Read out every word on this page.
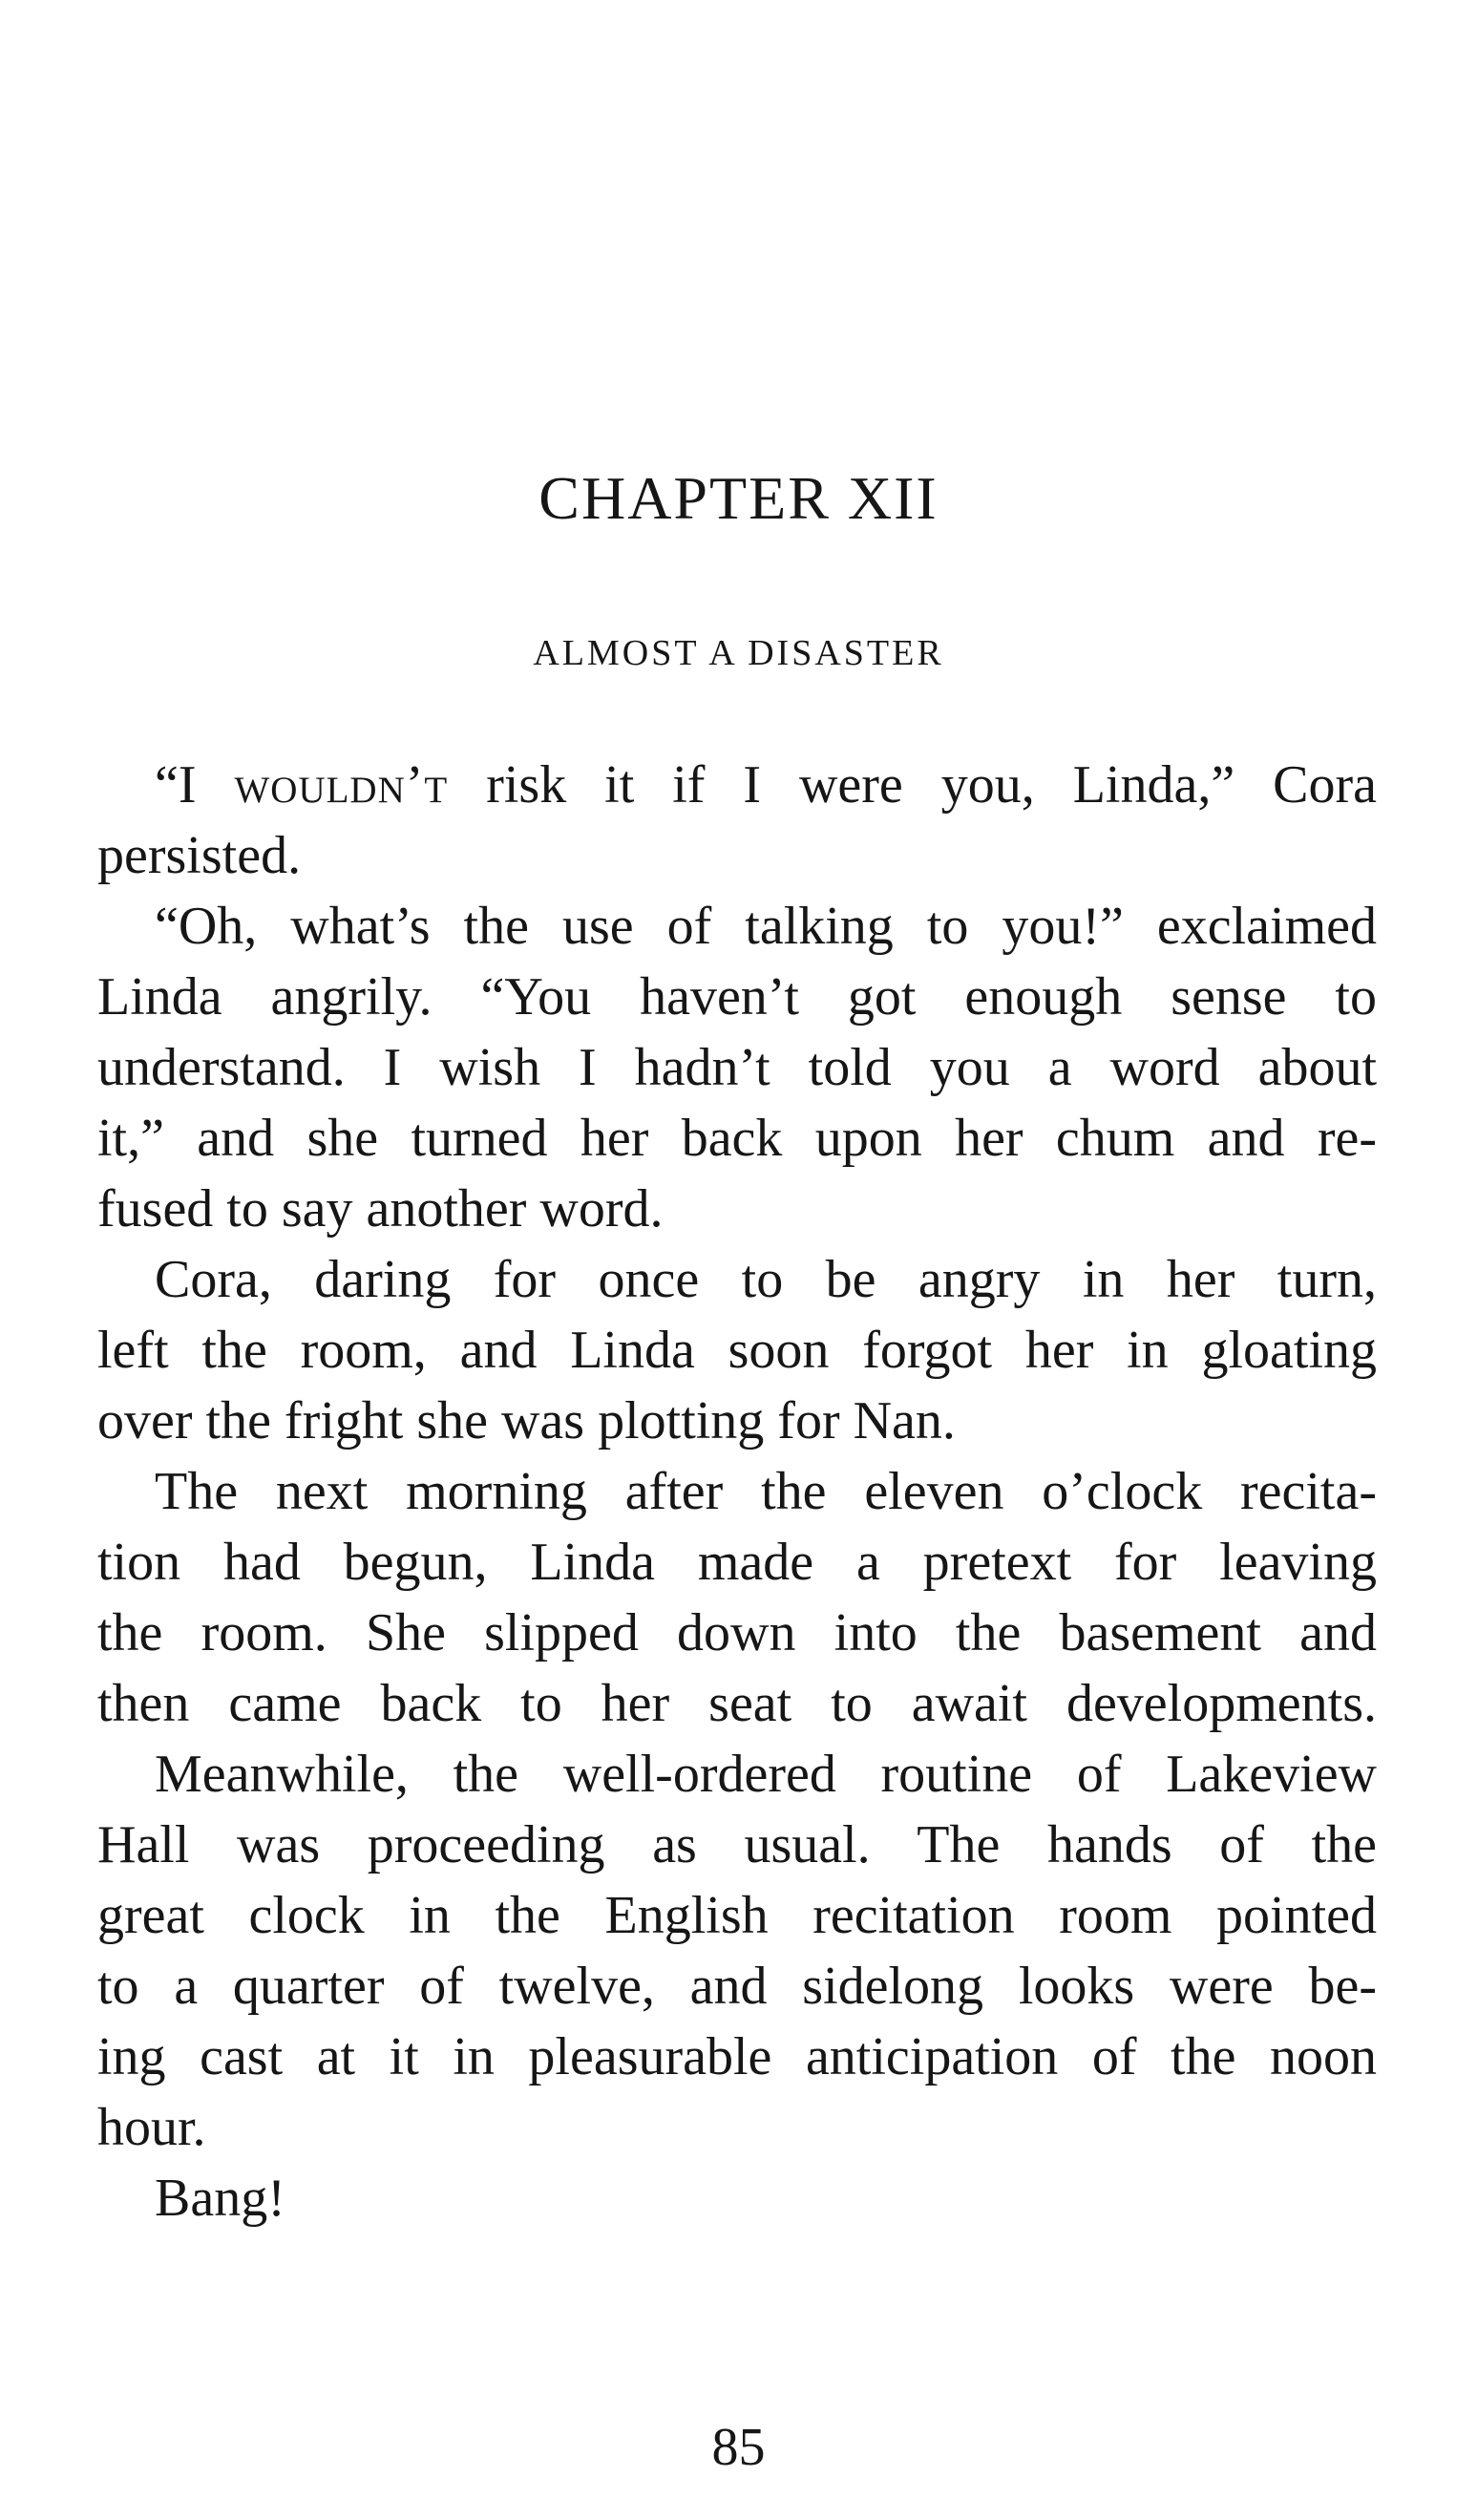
CHAPTER XII
ALMOST A DISASTER
“I wouldn’t risk it if I were you, Linda,” Cora
persisted.
“Oh, what’s the use of talking to you!” exclaimed
Linda angrily. “You haven’t got enough sense to
understand. I wish I hadn’t told you a word about
it,” and she turned her back upon her chum and re-
fused to say another word.
Cora, daring for once to be angry in her turn,
left the room, and Linda soon forgot her in gloating
over the fright she was plotting for Nan.
The next morning after the eleven o’clock recita-
tion had begun, Linda made a pretext for leaving
the room. She slipped down into the basement and
then came back to her seat to await developments.
Meanwhile, the well-ordered routine of Lakeview
Hall was proceeding as usual. The hands of the
great clock in the English recitation room pointed
to a quarter of twelve, and sidelong looks were be-
ing cast at it in pleasurable anticipation of the noon
hour.
Bang!
85
